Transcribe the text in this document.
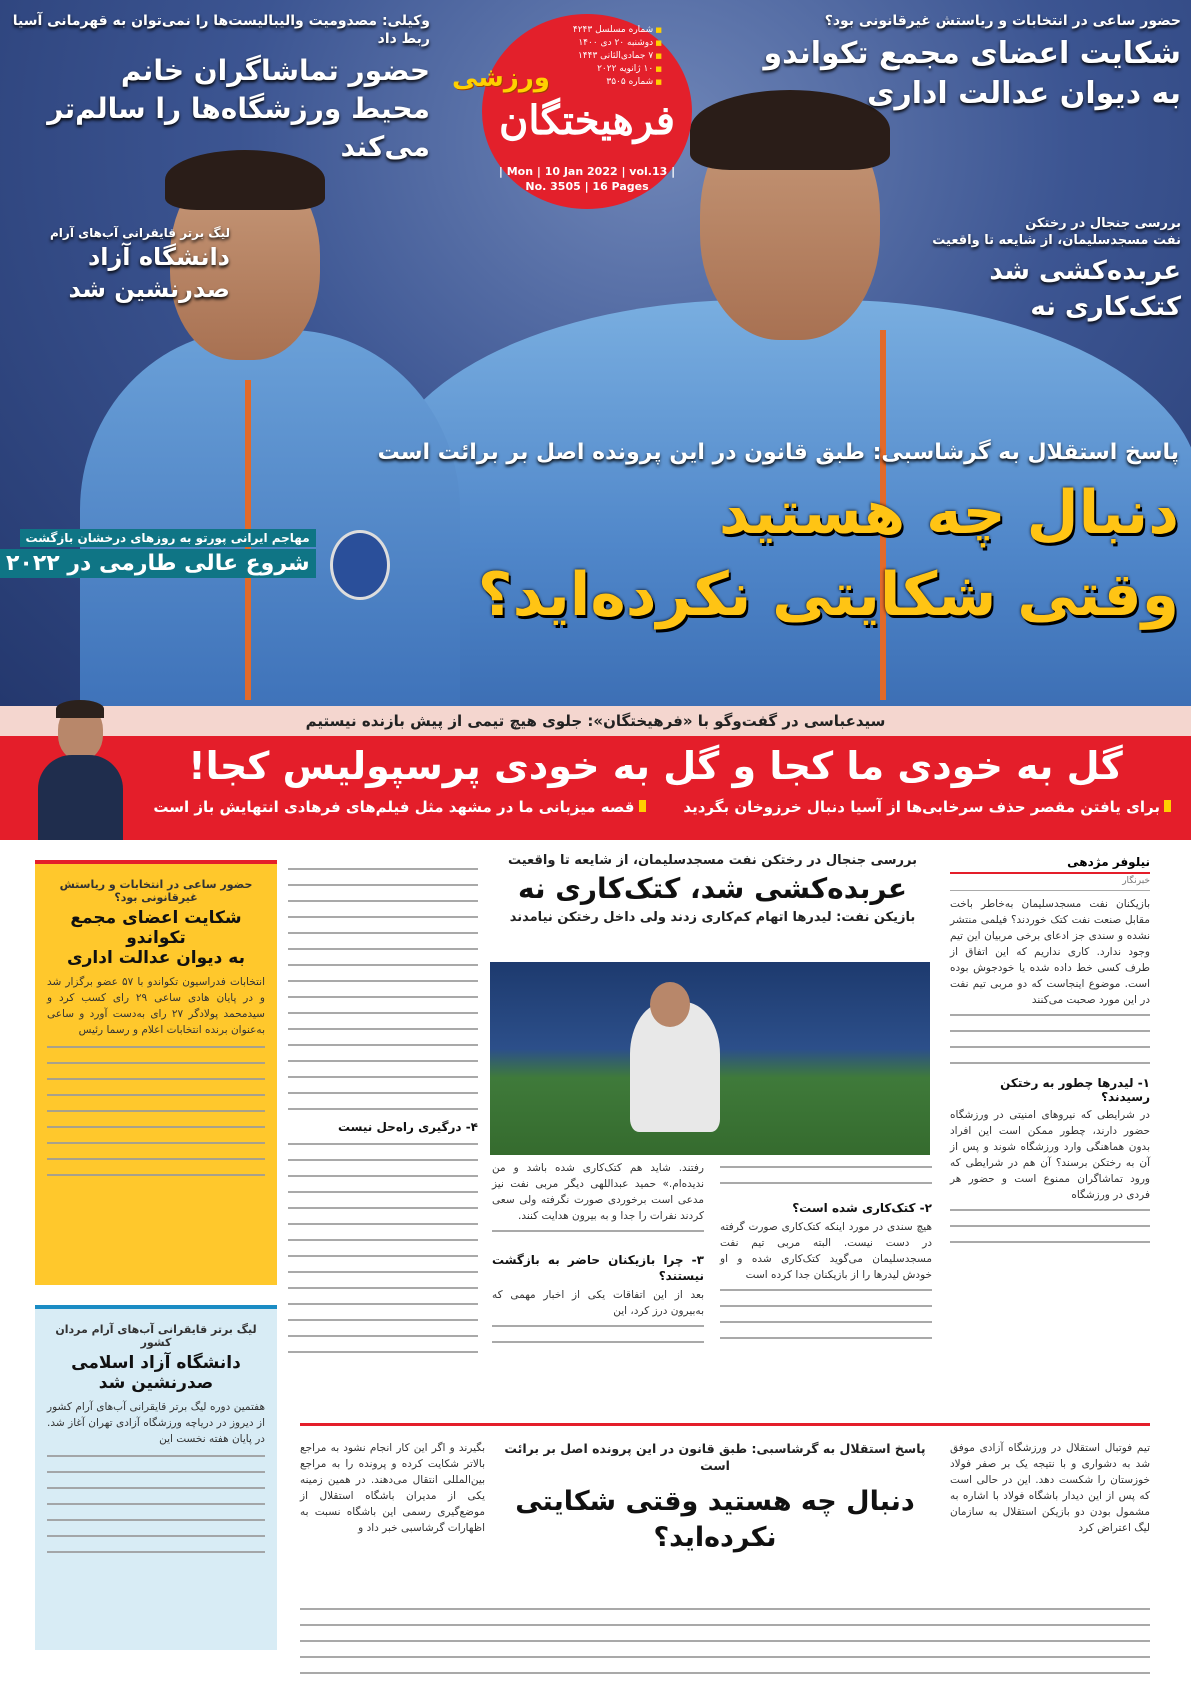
■ شماره مسلسل ۴۲۴۳
■ دوشنبه ۲۰ دی ۱۴۰۰
■ ۷ جمادی‌الثانی ۱۴۴۳
■ ۱۰ ژانویه ۲۰۲۲
■ شماره ۳۵۰۵
فرهیختگان
ورزشی
| Mon | 10 Jan 2022 | vol.13 |
No. 3505 | 16 Pages
وکیلی: مصدومیت والیبالیست‌ها را نمی‌توان به قهرمانی آسیا ربط داد
حضور تماشاگران خانم
محیط ورزشگاه‌ها را سالم‌تر می‌کند
حضور ساعی در انتخابات و ریاستش غیرقانونی بود؟
شکایت اعضای مجمع تکواندو
به دیوان عدالت اداری
لیگ برتر قایقرانی آب‌های آرام
دانشگاه آزاد
صدرنشین شد
بررسی جنجال در رختکن
نفت مسجدسلیمان، از شایعه تا واقعیت
عربده‌کشی شد
کتک‌کاری نه
مهاجم ایرانی پورتو به روزهای درخشان بازگشت
شروع عالی طارمی در ۲۰۲۲
پاسخ استقلال به گرشاسبی: طبق قانون در این پرونده اصل بر برائت است
دنبال چه هستید
وقتی شکایتی نکرده‌اید؟
سیدعباسی در گفت‌وگو با «فرهیختگان»: جلوی هیچ تیمی از پیش بازنده نیستیم
گل به خودی ما کجا و گل به خودی پرسپولیس کجا!
برای یافتن مقصر حذف سرخابی‌ها از آسیا دنبال خرزوخان بگردید
قصه میزبانی ما در مشهد مثل فیلم‌های فرهادی انتهایش باز است
حضور ساعی در انتخابات و ریاستش غیرقانونی بود؟
شکایت اعضای مجمع تکواندو
به دیوان عدالت اداری
انتخابات فدراسیون تکواندو با ۵۷ عضو برگزار شد و در پایان هادی ساعی ۲۹ رای کسب کرد و سیدمحمد پولادگر ۲۷ رای به‌دست آورد و ساعی به‌عنوان برنده انتخابات اعلام و رسما رئیس
لیگ برتر قایقرانی آب‌های آرام مردان کشور
دانشگاه آزاد اسلامی
صدرنشین شد
هفتمین دوره لیگ برتر قایقرانی آب‌های آرام کشور از دیروز در دریاچه ورزشگاه آزادی تهران آغاز شد. در پایان هفته نخست این
۴- درگیری راه‌حل نیست
بررسی جنجال در رختکن نفت مسجدسلیمان، از شایعه تا واقعیت
عربده‌کشی شد، کتک‌کاری نه
بازیکن نفت: لیدرها اتهام کم‌کاری زدند ولی داخل رختکن نیامدند
۲- کتک‌کاری شده است؟
هیچ سندی در مورد اینکه کتک‌کاری صورت گرفته در دست نیست. البته مربی تیم نفت مسجدسلیمان می‌گوید کتک‌کاری شده و او خودش لیدرها را از بازیکنان جدا کرده است
رفتند. شاید هم کتک‌کاری شده باشد و من ندیده‌ام.» حمید عبداللهی دیگر مربی نفت نیز مدعی است برخوردی صورت نگرفته ولی سعی کردند نفرات را جدا و به بیرون هدایت کنند.
۳- چرا بازیکنان حاضر به بازگشت نیستند؟
بعد از این اتفاقات یکی از اخبار مهمی که به‌بیرون درز کرد، این
نیلوفر مژدهی
خبرنگار
بازیکنان نفت مسجدسلیمان به‌خاطر باخت مقابل صنعت نفت کتک خوردند؟ فیلمی منتشر نشده و سندی جز ادعای برخی مربیان این تیم وجود ندارد. کاری نداریم که این اتفاق از طرف کسی خط داده شده یا خودجوش بوده است. موضوع اینجاست که دو مربی تیم نفت در این مورد صحبت می‌کنند
۱- لیدرها چطور به رختکن رسیدند؟
در شرایطی که نیروهای امنیتی در ورزشگاه حضور دارند، چطور ممکن است این افراد بدون هماهنگی وارد ورزشگاه شوند و پس از آن به رختکن برسند؟ آن هم در شرایطی که ورود تماشاگران ممنوع است و حضور هر فردی در ورزشگاه
تیم فوتبال استقلال در ورزشگاه آزادی موفق شد به دشواری و با نتیجه یک بر صفر فولاد خوزستان را شکست دهد. این در حالی است که پس از این دیدار باشگاه فولاد با اشاره به مشمول بودن دو بازیکن استقلال به سازمان لیگ اعتراض کرد
بگیرند و اگر این کار انجام نشود به مراجع بالاتر شکایت کرده و پرونده را به مراجع بین‌المللی انتقال می‌دهند. در همین زمینه یکی از مدیران باشگاه استقلال از موضع‌گیری رسمی این باشگاه نسبت به اظهارات گرشاسبی خبر داد و
پاسخ استقلال به گرشاسبی: طبق قانون در این پرونده اصل بر برائت است
دنبال چه هستید وقتی شکایتی نکرده‌اید؟
